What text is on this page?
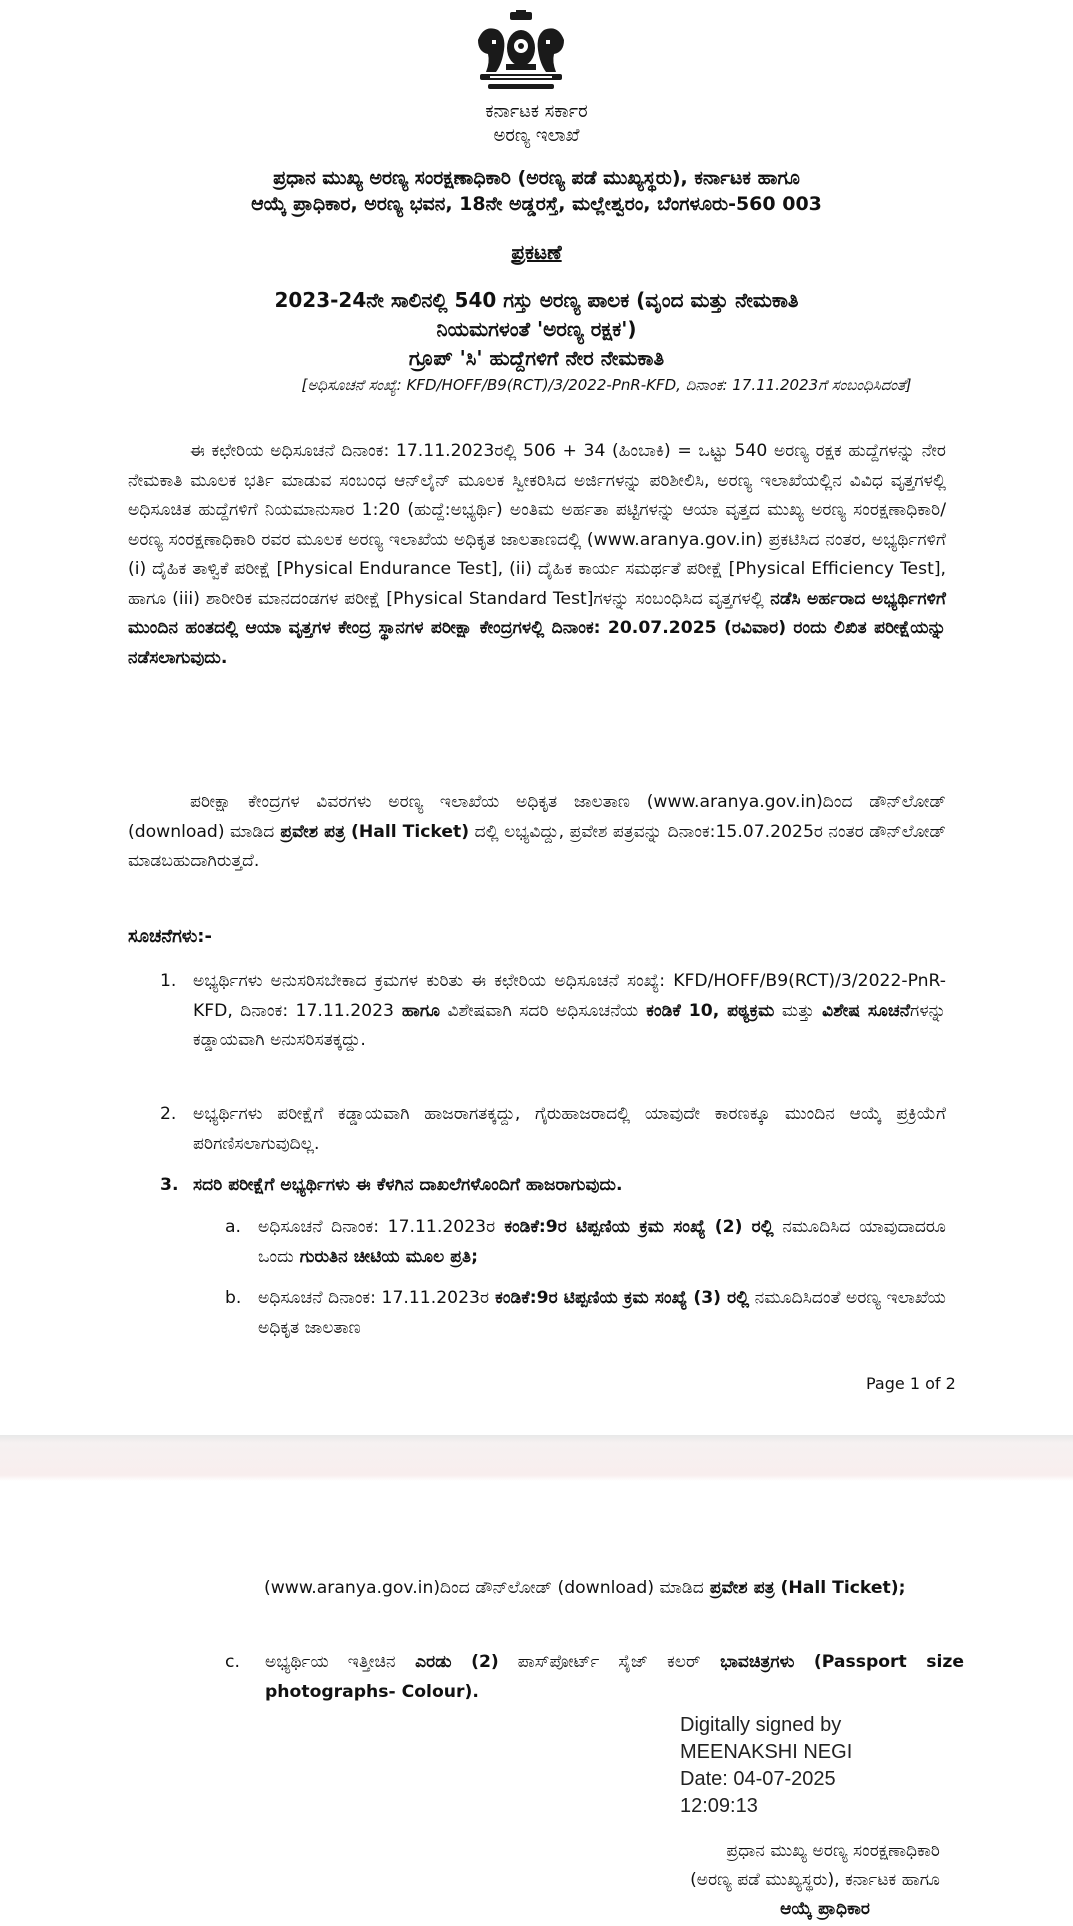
ಕರ್ನಾಟಕ ಸರ್ಕಾರ
ಅರಣ್ಯ ಇಲಾಖೆ
ಪ್ರಧಾನ ಮುಖ್ಯ ಅರಣ್ಯ ಸಂರಕ್ಷಣಾಧಿಕಾರಿ (ಅರಣ್ಯ ಪಡೆ ಮುಖ್ಯಸ್ಥರು), ಕರ್ನಾಟಕ ಹಾಗೂ
ಆಯ್ಕೆ ಪ್ರಾಧಿಕಾರ, ಅರಣ್ಯ ಭವನ, 18ನೇ ಅಡ್ಡರಸ್ತೆ, ಮಲ್ಲೇಶ್ವರಂ, ಬೆಂಗಳೂರು-560 003
ಪ್ರಕಟಣೆ
2023-24ನೇ ಸಾಲಿನಲ್ಲಿ 540 ಗಸ್ತು ಅರಣ್ಯ ಪಾಲಕ (ವೃಂದ ಮತ್ತು ನೇಮಕಾತಿ
ನಿಯಮಗಳಂತೆ 'ಅರಣ್ಯ ರಕ್ಷಕ')
ಗ್ರೂಪ್ 'ಸಿ' ಹುದ್ದೆಗಳಿಗೆ ನೇರ ನೇಮಕಾತಿ
[ಅಧಿಸೂಚನೆ ಸಂಖ್ಯೆ: KFD/HOFF/B9(RCT)/3/2022-PnR-KFD, ದಿನಾಂಕ: 17.11.2023ಗೆ ಸಂಬಂಧಿಸಿದಂತೆ]
ಈ ಕಛೇರಿಯ ಅಧಿಸೂಚನೆ ದಿನಾಂಕ: 17.11.2023ರಲ್ಲಿ 506 + 34 (ಹಿಂಬಾಕಿ) = ಒಟ್ಟು 540 ಅರಣ್ಯ ರಕ್ಷಕ ಹುದ್ದೆಗಳನ್ನು ನೇರ ನೇಮಕಾತಿ ಮೂಲಕ ಭರ್ತಿ ಮಾಡುವ ಸಂಬಂಧ ಆನ್‌ಲೈನ್ ಮೂಲಕ ಸ್ವೀಕರಿಸಿದ ಅರ್ಜಿಗಳನ್ನು ಪರಿಶೀಲಿಸಿ, ಅರಣ್ಯ ಇಲಾಖೆಯಲ್ಲಿನ ವಿವಿಧ ವೃತ್ತಗಳಲ್ಲಿ ಅಧಿಸೂಚಿತ ಹುದ್ದೆಗಳಿಗೆ ನಿಯಮಾನುಸಾರ 1:20 (ಹುದ್ದೆ:ಅಭ್ಯರ್ಥಿ) ಅಂತಿಮ ಅರ್ಹತಾ ಪಟ್ಟಿಗಳನ್ನು ಆಯಾ ವೃತ್ತದ ಮುಖ್ಯ ಅರಣ್ಯ ಸಂರಕ್ಷಣಾಧಿಕಾರಿ/ಅರಣ್ಯ ಸಂರಕ್ಷಣಾಧಿಕಾರಿ ರವರ ಮೂಲಕ ಅರಣ್ಯ ಇಲಾಖೆಯ ಅಧಿಕೃತ ಜಾಲತಾಣದಲ್ಲಿ (www.aranya.gov.in) ಪ್ರಕಟಿಸಿದ ನಂತರ, ಅಭ್ಯರ್ಥಿಗಳಿಗೆ (i) ದೈಹಿಕ ತಾಳ್ವಿಕೆ ಪರೀಕ್ಷೆ [Physical Endurance Test], (ii) ದೈಹಿಕ ಕಾರ್ಯ ಸಮರ್ಥತೆ ಪರೀಕ್ಷೆ [Physical Efficiency Test], ಹಾಗೂ (iii) ಶಾರೀರಿಕ ಮಾನದಂಡಗಳ ಪರೀಕ್ಷೆ [Physical Standard Test]ಗಳನ್ನು ಸಂಬಂಧಿಸಿದ ವೃತ್ತಗಳಲ್ಲಿ ನಡೆಸಿ ಅರ್ಹರಾದ ಅಭ್ಯರ್ಥಿಗಳಿಗೆ ಮುಂದಿನ ಹಂತದಲ್ಲಿ ಆಯಾ ವೃತ್ತಗಳ ಕೇಂದ್ರ ಸ್ಥಾನಗಳ ಪರೀಕ್ಷಾ ಕೇಂದ್ರಗಳಲ್ಲಿ ದಿನಾಂಕ: 20.07.2025 (ರವಿವಾರ) ರಂದು ಲಿಖಿತ ಪರೀಕ್ಷೆಯನ್ನು ನಡೆಸಲಾಗುವುದು.
ಪರೀಕ್ಷಾ ಕೇಂದ್ರಗಳ ವಿವರಗಳು ಅರಣ್ಯ ಇಲಾಖೆಯ ಅಧಿಕೃತ ಜಾಲತಾಣ (www.aranya.gov.in)ದಿಂದ ಡೌನ್‌ಲೋಡ್ (download) ಮಾಡಿದ ಪ್ರವೇಶ ಪತ್ರ (Hall Ticket) ದಲ್ಲಿ ಲಭ್ಯವಿದ್ದು, ಪ್ರವೇಶ ಪತ್ರವನ್ನು ದಿನಾಂಕ:15.07.2025ರ ನಂತರ ಡೌನ್‌ಲೋಡ್ ಮಾಡಬಹುದಾಗಿರುತ್ತದೆ.
ಸೂಚನೆಗಳು:-
1. ಅಭ್ಯರ್ಥಿಗಳು ಅನುಸರಿಸಬೇಕಾದ ಕ್ರಮಗಳ ಕುರಿತು ಈ ಕಛೇರಿಯ ಅಧಿಸೂಚನೆ ಸಂಖ್ಯೆ: KFD/HOFF/B9(RCT)/3/2022-PnR-KFD, ದಿನಾಂಕ: 17.11.2023 ಹಾಗೂ ವಿಶೇಷವಾಗಿ ಸದರಿ ಅಧಿಸೂಚನೆಯ ಕಂಡಿಕೆ 10, ಪಠ್ಯಕ್ರಮ ಮತ್ತು ವಿಶೇಷ ಸೂಚನೆಗಳನ್ನು ಕಡ್ಡಾಯವಾಗಿ ಅನುಸರಿಸತಕ್ಕದ್ದು.
2. ಅಭ್ಯರ್ಥಿಗಳು ಪರೀಕ್ಷೆಗೆ ಕಡ್ಡಾಯವಾಗಿ ಹಾಜರಾಗತಕ್ಕದ್ದು, ಗೈರುಹಾಜರಾದಲ್ಲಿ ಯಾವುದೇ ಕಾರಣಕ್ಕೂ ಮುಂದಿನ ಆಯ್ಕೆ ಪ್ರಕ್ರಿಯೆಗೆ ಪರಿಗಣಿಸಲಾಗುವುದಿಲ್ಲ.
3. ಸದರಿ ಪರೀಕ್ಷೆಗೆ ಅಭ್ಯರ್ಥಿಗಳು ಈ ಕೆಳಗಿನ ದಾಖಲೆಗಳೊಂದಿಗೆ ಹಾಜರಾಗುವುದು.
a. ಅಧಿಸೂಚನೆ ದಿನಾಂಕ: 17.11.2023ರ ಕಂಡಿಕೆ:9ರ ಟಿಪ್ಪಣಿಯ ಕ್ರಮ ಸಂಖ್ಯೆ (2) ರಲ್ಲಿ ನಮೂದಿಸಿದ ಯಾವುದಾದರೂ ಒಂದು ಗುರುತಿನ ಚೀಟಿಯ ಮೂಲ ಪ್ರತಿ;
b. ಅಧಿಸೂಚನೆ ದಿನಾಂಕ: 17.11.2023ರ ಕಂಡಿಕೆ:9ರ ಟಿಪ್ಪಣಿಯ ಕ್ರಮ ಸಂಖ್ಯೆ (3) ರಲ್ಲಿ ನಮೂದಿಸಿದಂತೆ ಅರಣ್ಯ ಇಲಾಖೆಯ ಅಧಿಕೃತ ಜಾಲತಾಣ
Page 1 of 2
(www.aranya.gov.in)ದಿಂದ ಡೌನ್‌ಲೋಡ್ (download) ಮಾಡಿದ ಪ್ರವೇಶ ಪತ್ರ (Hall Ticket);
c. ಅಭ್ಯರ್ಥಿಯ ಇತ್ತೀಚಿನ ಎರಡು (2) ಪಾಸ್‌ಪೋರ್ಟ್ ಸೈಜ್ ಕಲರ್ ಭಾವಚಿತ್ರಗಳು (Passport size photographs- Colour).
Digitally signed by
MEENAKSHI NEGI
Date: 04-07-2025
12:09:13
ಪ್ರಧಾನ ಮುಖ್ಯ ಅರಣ್ಯ ಸಂರಕ್ಷಣಾಧಿಕಾರಿ
(ಅರಣ್ಯ ಪಡೆ ಮುಖ್ಯಸ್ಥರು), ಕರ್ನಾಟಕ ಹಾಗೂ
ಆಯ್ಕೆ ಪ್ರಾಧಿಕಾರ
